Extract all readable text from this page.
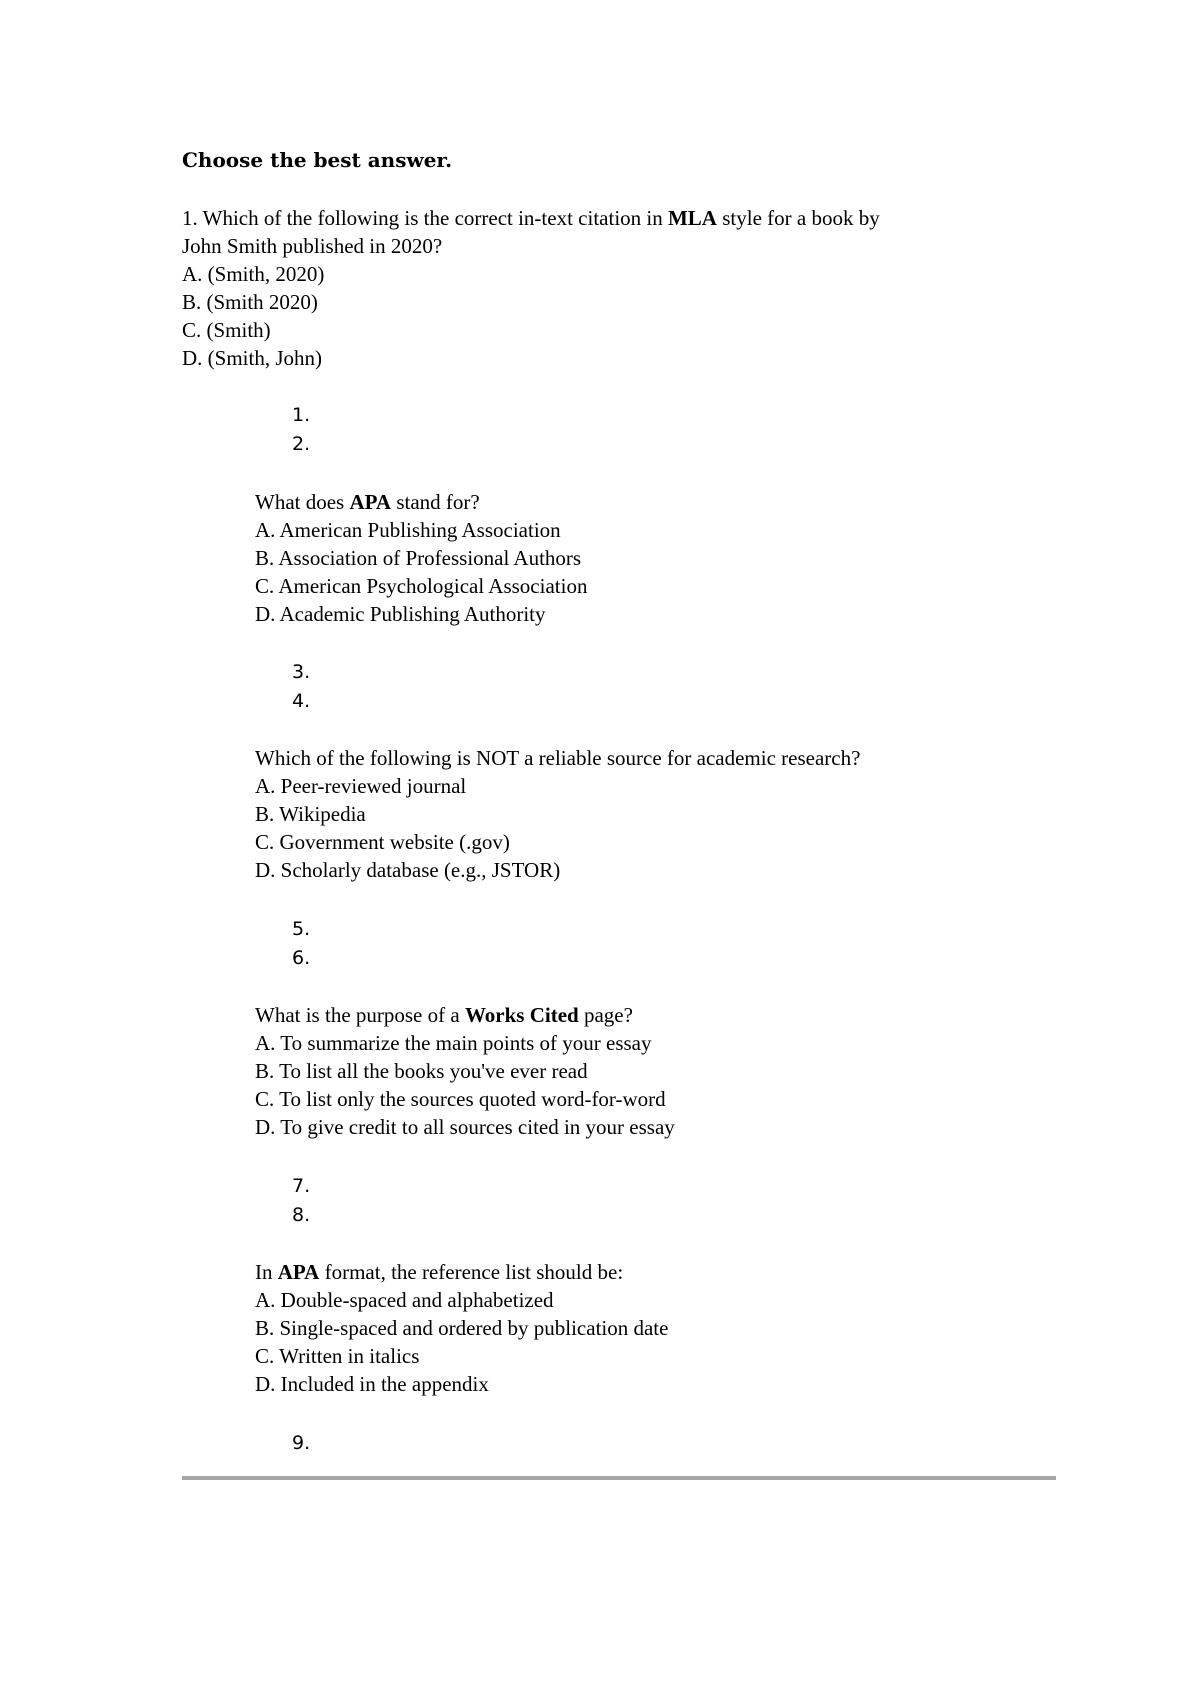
Choose the best answer.
1. Which of the following is the correct in-text citation in MLA style for a book by
John Smith published in 2020?
A. (Smith, 2020)
B. (Smith 2020)
C. (Smith)
D. (Smith, John)
1.
2.
What does APA stand for?
A. American Publishing Association
B. Association of Professional Authors
C. American Psychological Association
D. Academic Publishing Authority
3.
4.
Which of the following is NOT a reliable source for academic research?
A. Peer-reviewed journal
B. Wikipedia
C. Government website (.gov)
D. Scholarly database (e.g., JSTOR)
5.
6.
What is the purpose of a Works Cited page?
A. To summarize the main points of your essay
B. To list all the books you've ever read
C. To list only the sources quoted word-for-word
D. To give credit to all sources cited in your essay
7.
8.
In APA format, the reference list should be:
A. Double-spaced and alphabetized
B. Single-spaced and ordered by publication date
C. Written in italics
D. Included in the appendix
9.
